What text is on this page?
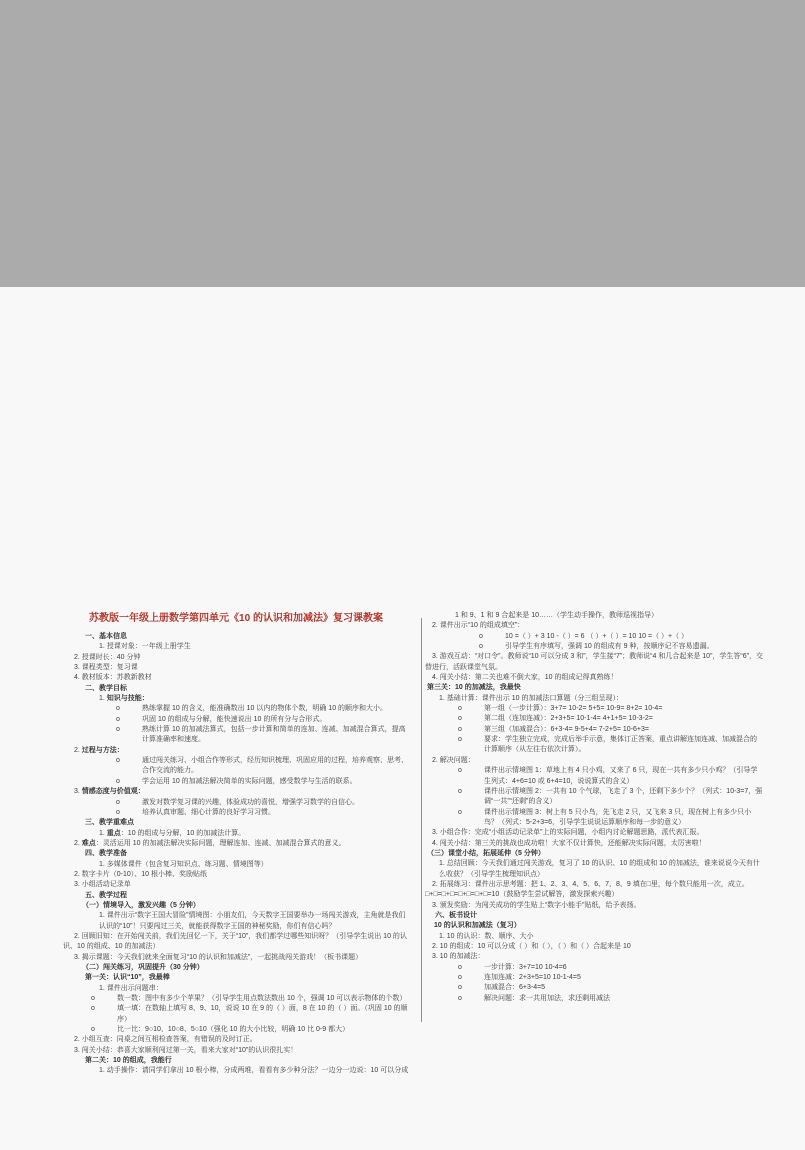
苏教版一年级上册数学第四单元《10 的认识和加减法》复习课教案

一、基本信息

1. 授课对象：一年级上册学生

2. 授课时长：40 分钟

3. 课程类型：复习课

4. 教材版本：苏教新教材

二、教学目标

1. 知识与技能：

o 熟练掌握 10 的含义，能准确数出 10 以内的物体个数，明确 10 的顺序和大小。

o 巩固 10 的组成与分解，能快速说出 10 的所有分与合形式。

o 熟练计算 10 的加减法算式，包括一步计算和简单的连加、连减、加减混合算式，提高计算准确率和速度。

2. 过程与方法：

o 通过闯关练习、小组合作等形式，经历知识梳理、巩固应用的过程，培养观察、思考、合作交流的能力。

o 学会运用 10 的加减法解决简单的实际问题，感受数学与生活的联系。

3. 情感态度与价值观：

o 激发对数学复习课的兴趣，体验成功的喜悦，增强学习数学的自信心。

o 培养认真审题、细心计算的良好学习习惯。

三、教学重难点

1. 重点：10 的组成与分解，10 的加减法计算。

2. 难点：灵活运用 10 的加减法解决实际问题，理解连加、连减、加减混合算式的意义。

四、教学准备

1. 多媒体课件（包含复习知识点、练习题、情境图等）

2. 数字卡片（0-10）、10 根小棒、奖励贴纸

3. 小组活动记录单

五、教学过程

（一）情境导入，激发兴趣（5 分钟）

1. 课件出示“数字王国大冒险”情境图：小朋友们，今天数字王国要举办一场闯关游戏，主角就是我们认识的“10”！只要闯过三关，就能获得数字王国的神秘奖励，你们有信心吗？

2. 回顾旧知：在开始闯关前，我们先回忆一下，关于“10”，我们都学过哪些知识呀？（引导学生说出 10 的认识、10 的组成、10 的加减法）

3. 揭示课题：今天我们就来全面复习“10 的认识和加减法”，一起挑战闯关游戏！（板书课题）

（二）闯关练习，巩固提升（30 分钟）

第一关：认识“10”，我最棒

1. 课件出示问题串：

o 数一数：图中有多少个苹果？（引导学生用点数法数出 10 个，强调 10 可以表示物体的个数）

o 填一填：在数轴上填写 8、9、10，说说 10 在 9 的（ ）面，8 在 10 的（ ）面。（巩固 10 的顺序）

o 比一比：9○10、10○8、5○10（强化 10 的大小比较，明确 10 比 0-9 都大）

2. 小组互查：同桌之间互相检查答案，有错误的及时订正。

3. 闯关小结：恭喜大家顺利闯过第一关，看来大家对“10”的认识很扎实！

第二关：10 的组成，我能行

1. 动手操作：请同学们拿出 10 根小棒，分成两堆，看看有多少种分法？一边分一边说：10 可以分成

1 和 9、1 和 9 合起来是 10……（学生动手操作，教师巡视指导）

2. 课件出示“10 的组成填空”：

o 10 =（ ）+ 3 10 -（ ）= 6 （ ）+（ ）= 10 10 =（ ）+（ ）

o 引导学生有序填写，强调 10 的组成有 9 种，按顺序记不容易遗漏。

3. 游戏互动：“对口令”。教师说“10 可以分成 3 和”，学生接“7”；教师说“4 和几合起来是 10”，学生答“6”，交替进行，活跃课堂气氛。

4. 闯关小结：第二关也难不倒大家，10 的组成记得真熟练！

第三关：10 的加减法，我最快

1. 基础计算：课件出示 10 的加减法口算题（分三组呈现）：

o 第一组（一步计算）：3+7= 10-2= 5+5= 10-9= 8+2= 10-4=

o 第二组（连加连减）：2+3+5= 10-1-4= 4+1+5= 10-3-2=

o 第三组（加减混合）：6+3-4= 9-5+4= 7-2+5= 10-6+3=

o 要求：学生独立完成，完成后举手示意，集体订正答案，重点讲解连加连减、加减混合的计算顺序（从左往右依次计算）。

2. 解决问题：

o 课件出示情境图 1：草地上有 4 只小鸡，又来了 6 只，现在一共有多少只小鸡？（引导学生列式：4+6=10 或 6+4=10，说说算式的含义）

o 课件出示情境图 2：一共有 10 个气球，飞走了 3 个，还剩下多少个？（列式：10-3=7，强调“一共”“还剩”的含义）

o 课件出示情境图 3：树上有 5 只小鸟，先飞走 2 只，又飞来 3 只，现在树上有多少只小鸟？（列式：5-2+3=6，引导学生说说运算顺序和每一步的意义）

3. 小组合作：完成“小组活动记录单”上的实际问题，小组内讨论解题思路，派代表汇报。

4. 闯关小结：第三关的挑战也成功啦！大家不仅计算快，还能解决实际问题，太厉害啦！

（三）课堂小结，拓展延伸（5 分钟）

1. 总结回顾：今天我们通过闯关游戏，复习了 10 的认识、10 的组成和 10 的加减法，谁来说说今天有什么收获？（引导学生梳理知识点）

2. 拓展练习：课件出示思考题：把 1、2、3、4、5、6、7、8、9 填在□里，每个数只能用一次，成立。□+□=□+□=□+□=□+□=10（鼓励学生尝试解答，激发探索兴趣）

3. 颁发奖励：为闯关成功的学生贴上“数字小能手”贴纸，给予表扬。

六、板书设计

10 的认识和加减法（复习）

1. 10 的认识：数、顺序、大小

2. 10 的组成：10 可以分成（ ）和（ ），（ ）和（ ）合起来是 10

3. 10 的加减法：

o 一步计算：3+7=10 10-4=6

o 连加连减：2+3+5=10 10-1-4=5

o 加减混合：6+3-4=5

o 解决问题：求一共用加法，求还剩用减法
